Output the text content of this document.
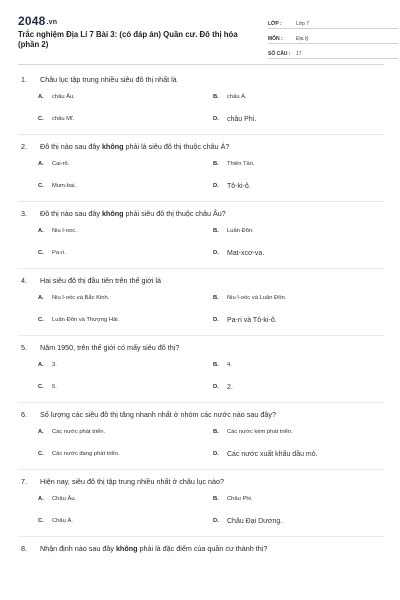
2048.vn
Trắc nghiệm Địa Lí 7 Bài 3: (có đáp án) Quần cư. Đô thị hóa (phần 2)
LỚP :	Lớp 7
MÔN :	Địa lý
SỐ CÂU :	17
1.	Châu lục tập trung nhiều siêu đô thị nhất là
A.	châu Âu.	B.	châu Á.
C.	châu Mĩ.	D.	châu Phi.
2.	Đô thị nào sau đây không phải là siêu đô thị thuộc châu Á?
A.	Cai-rô.	B.	Thiên Tân.
C.	Mum-bai.	D.	Tô-ki-ô.
3.	Đô thị nào sau đây không phải siêu đô thị thuộc châu Âu?
A.	Niu I-ooc.	B.	Luân Đôn.
C.	Pa-ri.	D.	Mat-xcơ-va.
4.	Hai siêu đô thị đầu tiên trên thế giới là
A.	Niu I-oóc và Bắc Kinh.	B.	Niu I-oóc và Luân Đôn.
C.	Luân Đôn và Thượng Hải.	D.	Pa-ri và Tô-ki-ô.
5.	Năm 1950, trên thế giới có mấy siêu đô thị?
A.	3.	B.	4.
C.	5.	D.	2.
6.	Số lượng các siêu đô thị tăng nhanh nhất ở nhóm các nước nào sau đây?
A.	Các nước phát triển.	B.	Các nước kém phát triển.
C.	Các nước đang phát triển.	D.	Các nước xuất khẩu dầu mỏ.
7.	Hiện nay, siêu đô thị tập trung nhiều nhất ở châu lục nào?
A.	Châu Âu.	B.	Châu Phi.
C.	Châu Á.	D.	Châu Đại Dương.
8.	Nhận định nào sau đây không phải là đặc điểm của quần cư thành thị?
